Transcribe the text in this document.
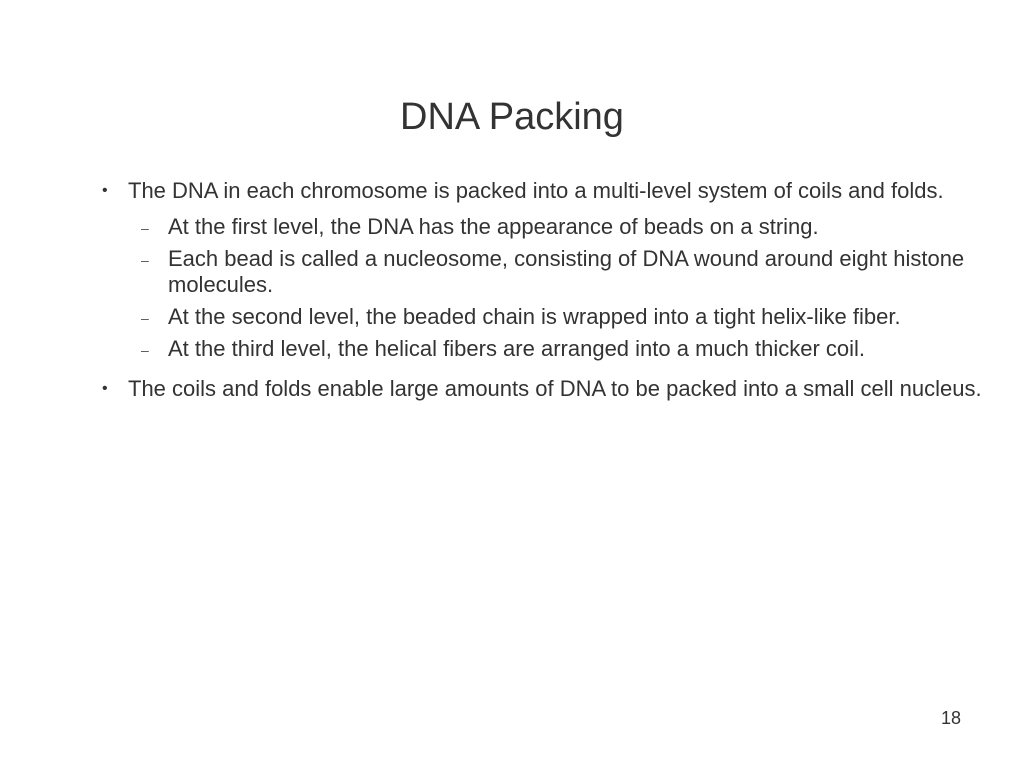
DNA Packing
• The DNA in each chromosome is packed into a multi-level system of coils and folds.
– At the first level, the DNA has the appearance of beads on a string.
– Each bead is called a nucleosome, consisting of DNA wound around eight histone molecules.
– At the second level, the beaded chain is wrapped into a tight helix-like fiber.
– At the third level, the helical fibers are arranged into a much thicker coil.
• The coils and folds enable large amounts of DNA to be packed into a small cell nucleus.
18
